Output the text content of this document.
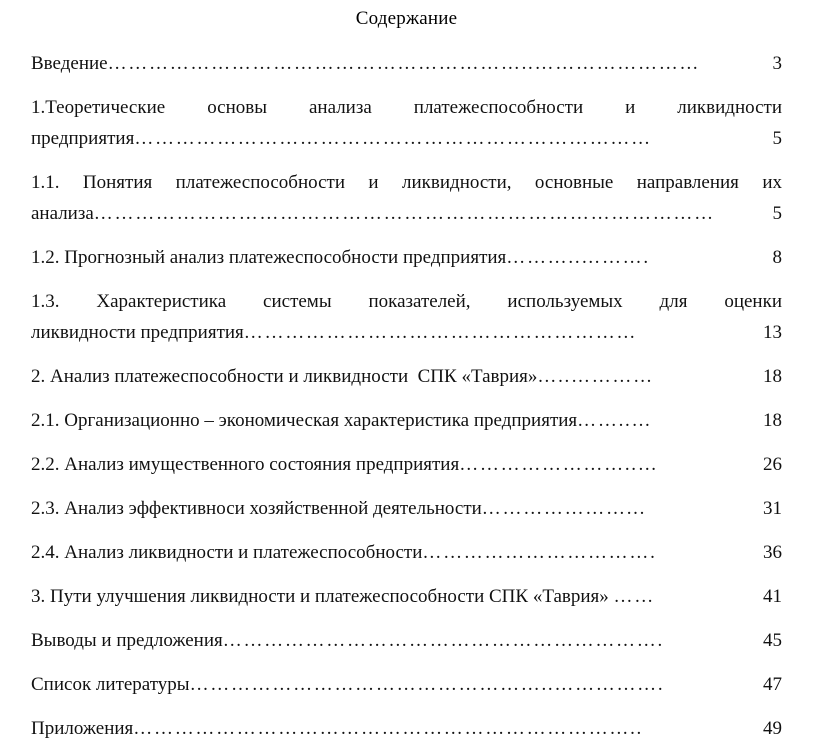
Содержание
Введение ……………………………………………………..……………………	3
1.Теоретические основы анализа платежеспособности и ликвидности
предприятия …………………………………………………………………	5
1.1. Понятия платежеспособности и ликвидности, основные направления их
анализа ………………………………………………………………………………	5
1.2. Прогнозный анализ платежеспособности предприятия ………..……….	8
1.3. Характеристика системы показателей, используемых для оценки
ликвидности предприятия …………………………………………………	13
2. Анализ платежеспособности и ликвидности  СПК «Таврия» …..…………	18
2.1. Организационно – экономическая характеристика предприятия ……..…	18
2.2. Анализ имущественного состояния предприятия ……………………..…	26
2.3. Анализ эффективноси хозяйственной деятельности …………………...	31
2.4. Анализ ликвидности и платежеспособности …………………………….	36
3. Пути улучшения ликвидности и платежеспособности СПК «Таврия» ……	41
Выводы и предложения ……………………………………………………….	45
Список литературы ……………………………………………..…………….	47
Приложения ………………………………………………………………..	49
